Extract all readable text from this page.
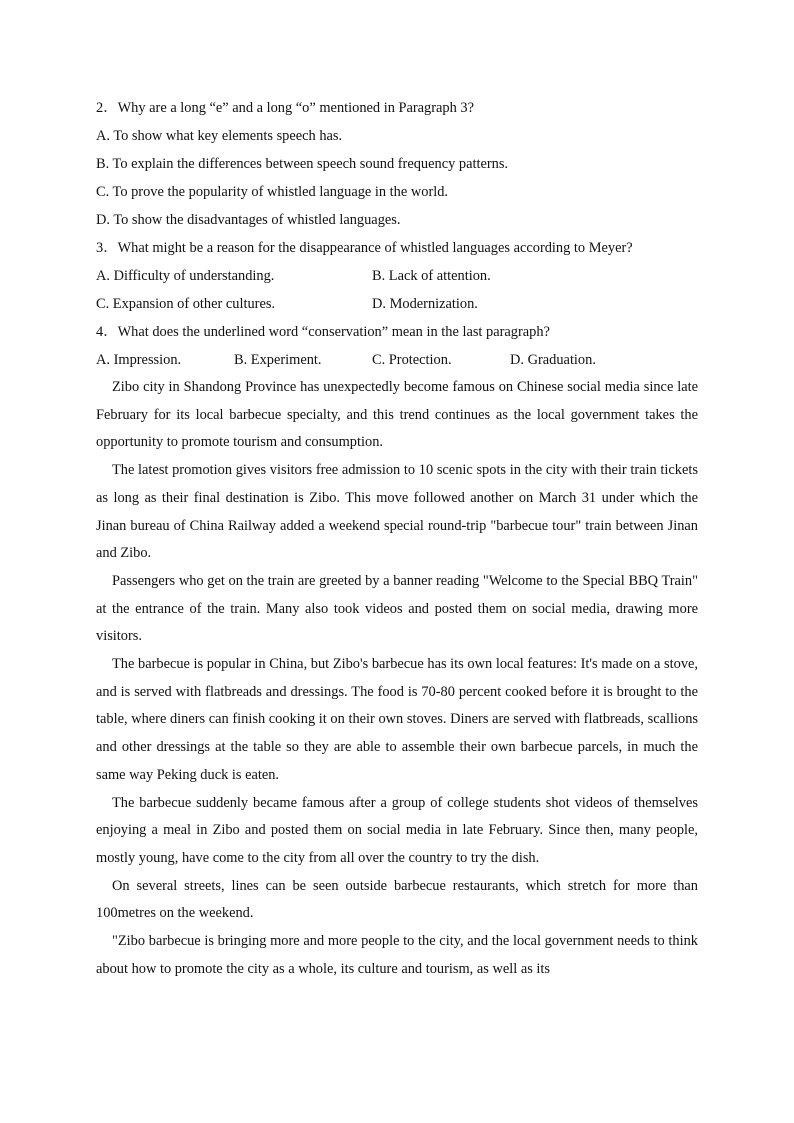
2．Why are a long “e” and a long “o” mentioned in Paragraph 3?
A. To show what key elements speech has.
B. To explain the differences between speech sound frequency patterns.
C. To prove the popularity of whistled language in the world.
D. To show the disadvantages of whistled languages.
3．What might be a reason for the disappearance of whistled languages according to Meyer?
A. Difficulty of understanding.	B. Lack of attention.
C. Expansion of other cultures.	D. Modernization.
4．What does the underlined word “conservation” mean in the last paragraph?
A. Impression.	B. Experiment.	C. Protection.	D. Graduation.

Zibo city in Shandong Province has unexpectedly become famous on Chinese social media since late February for its local barbecue specialty, and this trend continues as the local government takes the opportunity to promote tourism and consumption.

The latest promotion gives visitors free admission to 10 scenic spots in the city with their train tickets as long as their final destination is Zibo. This move followed another on March 31 under which the Jinan bureau of China Railway added a weekend special round-trip "barbecue tour" train between Jinan and Zibo.

Passengers who get on the train are greeted by a banner reading "Welcome to the Special BBQ Train" at the entrance of the train. Many also took videos and posted them on social media, drawing more visitors.

The barbecue is popular in China, but Zibo's barbecue has its own local features: It's made on a stove, and is served with flatbreads and dressings. The food is 70-80 percent cooked before it is brought to the table, where diners can finish cooking it on their own stoves. Diners are served with flatbreads, scallions and other dressings at the table so they are able to assemble their own barbecue parcels, in much the same way Peking duck is eaten.

The barbecue suddenly became famous after a group of college students shot videos of themselves enjoying a meal in Zibo and posted them on social media in late February. Since then, many people, mostly young, have come to the city from all over the country to try the dish.

On several streets, lines can be seen outside barbecue restaurants, which stretch for more than 100metres on the weekend.

"Zibo barbecue is bringing more and more people to the city, and the local government needs to think about how to promote the city as a whole, its culture and tourism, as well as its
